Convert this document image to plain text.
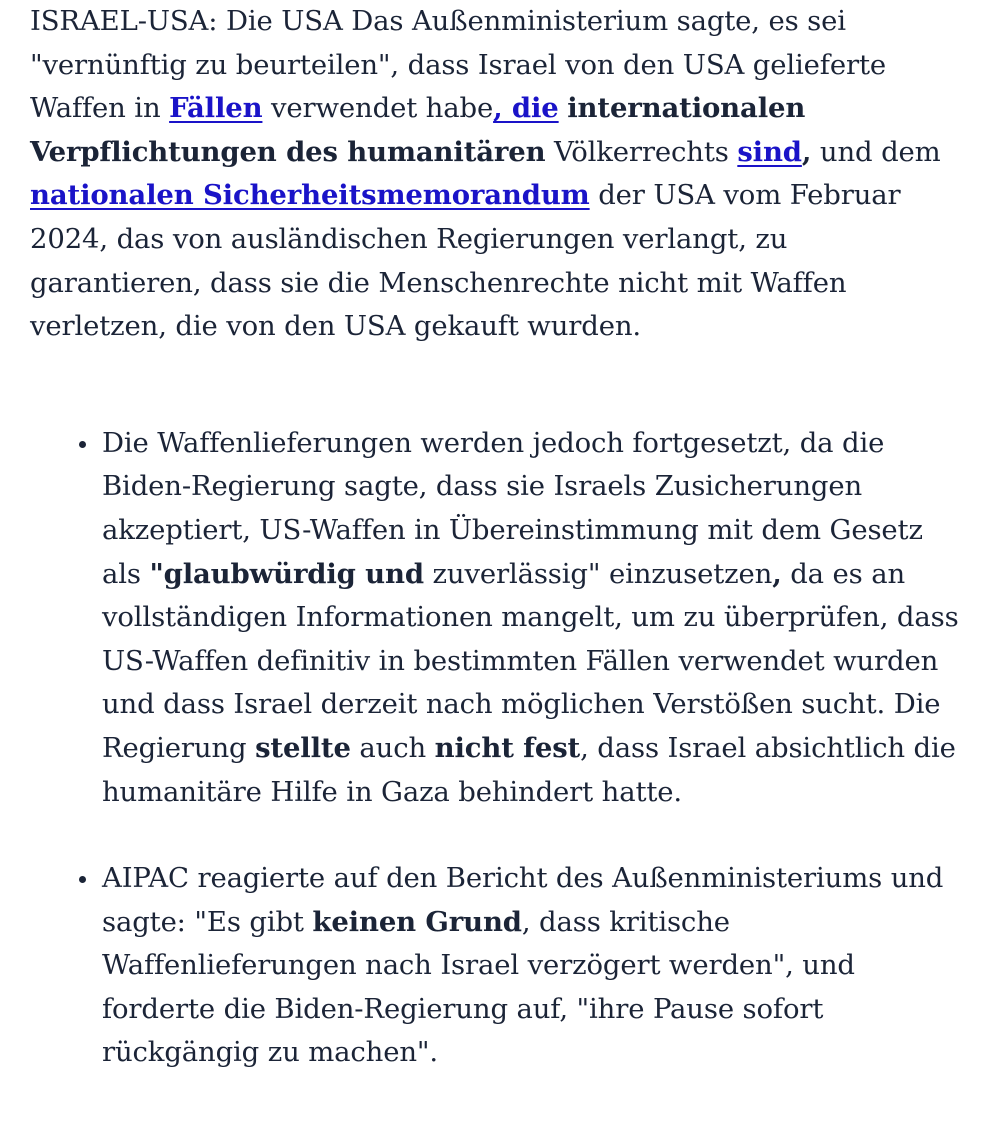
ISRAEL-USA: Die USA Das Außenministerium sagte, es sei "vernünftig zu beurteilen", dass Israel von den USA gelieferte Waffen in Fällen verwendet habe, die internationalen Verpflichtungen des humanitären Völkerrechts sind, und dem nationalen Sicherheitsmemorandum der USA vom Februar 2024, das von ausländischen Regierungen verlangt, zu garantieren, dass sie die Menschenrechte nicht mit Waffen verletzen, die von den USA gekauft wurden.

Die Waffenlieferungen werden jedoch fortgesetzt, da die Biden-Regierung sagte, dass sie Israels Zusicherungen akzeptiert, US-Waffen in Übereinstimmung mit dem Gesetz als "glaubwürdig und zuverlässig" einzusetzen, da es an vollständigen Informationen mangelt, um zu überprüfen, dass US-Waffen definitiv in bestimmten Fällen verwendet wurden und dass Israel derzeit nach möglichen Verstößen sucht. Die Regierung stellte auch nicht fest, dass Israel absichtlich die humanitäre Hilfe in Gaza behindert hatte.
AIPAC reagierte auf den Bericht des Außenministeriums und sagte: "Es gibt keinen Grund, dass kritische Waffenlieferungen nach Israel verzögert werden", und forderte die Biden-Regierung auf, "ihre Pause sofort rückgängig zu machen".
